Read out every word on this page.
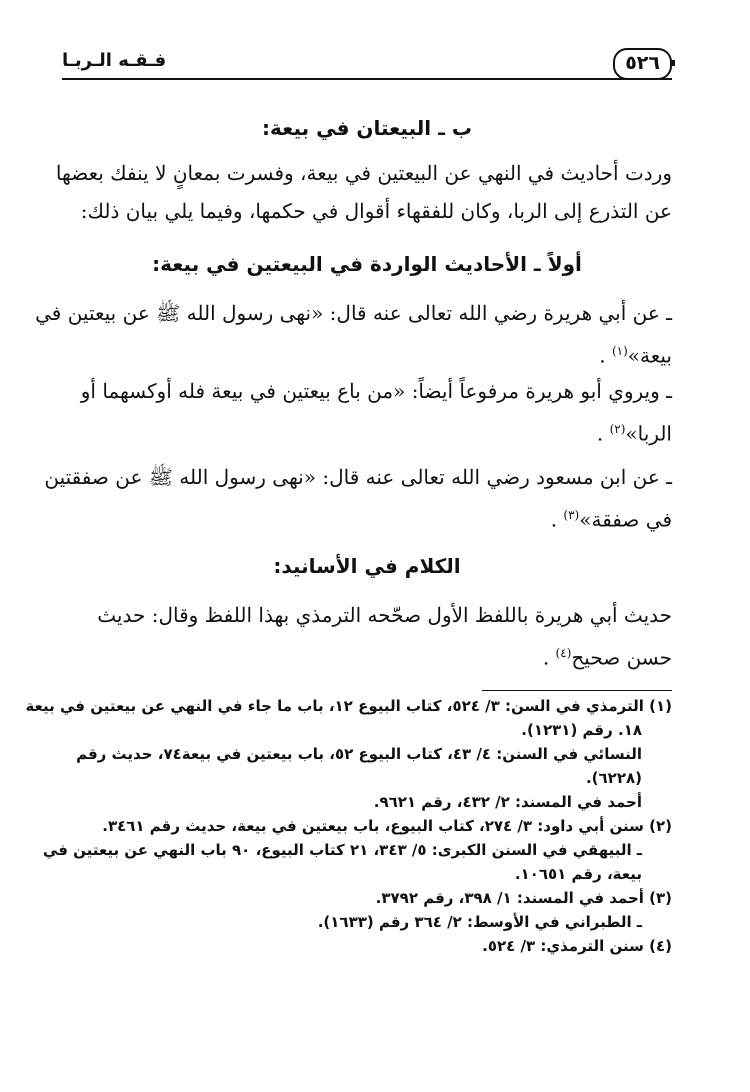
٥٢٦
فـقـه الـربـا
ب ـ البيعتان في بيعة:
وردت أحاديث في النهي عن البيعتين في بيعة، وفسرت بمعانٍ لا ينفك بعضها
عن التذرع إلى الربا، وكان للفقهاء أقوال في حكمها، وفيما يلي بيان ذلك:
أولاً ـ الأحاديث الواردة في البيعتين في بيعة:
ـ عن أبي هريرة رضي الله تعالى عنه قال: «نهى رسول الله ﷺ عن بيعتين في
بيعة»$^{(١)}$ .
ـ ويروي أبو هريرة مرفوعاً أيضاً: «من باع بيعتين في بيعة فله أوكسهما أو
الربا»$^{(٢)}$ .
ـ عن ابن مسعود رضي الله تعالى عنه قال: «نهى رسول الله ﷺ عن صفقتين
في صفقة»$^{(٣)}$ .
الكلام في الأسانيد:
حديث أبي هريرة باللفظ الأول صحّحه الترمذي بهذا اللفظ وقال: حديث
حسن صحيح$^{(٤)}$ .
(١) الترمذي في السن: ٣/ ٥٢٤، كتاب البيوع ١٢، باب ما جاء في النهي عن بيعتين في بيعة
١٨. رقم (١٢٣١).
النسائي في السنن: ٤/ ٤٣، كتاب البيوع ٥٢، باب بيعتين في بيعة٧٤، حديث رقم
(٦٢٢٨).
أحمد في المسند: ٢/ ٤٣٢، رقم ٩٦٢١.
(٢) سنن أبي داود: ٣/ ٢٧٤، كتاب البيوع، باب بيعتين في بيعة، حديث رقم ٣٤٦١.
ـ البيهقي في السنن الكبرى: ٥/ ٣٤٣، ٢١ كتاب البيوع، ٩٠ باب النهي عن بيعتين في
بيعة، رقم ١٠٦٥١.
(٣) أحمد في المسند: ١/ ٣٩٨، رقم ٣٧٩٢.
ـ الطبراني في الأوسط: ٢/ ٣٦٤ رقم (١٦٣٣).
(٤) سنن الترمذي: ٣/ ٥٢٤.
